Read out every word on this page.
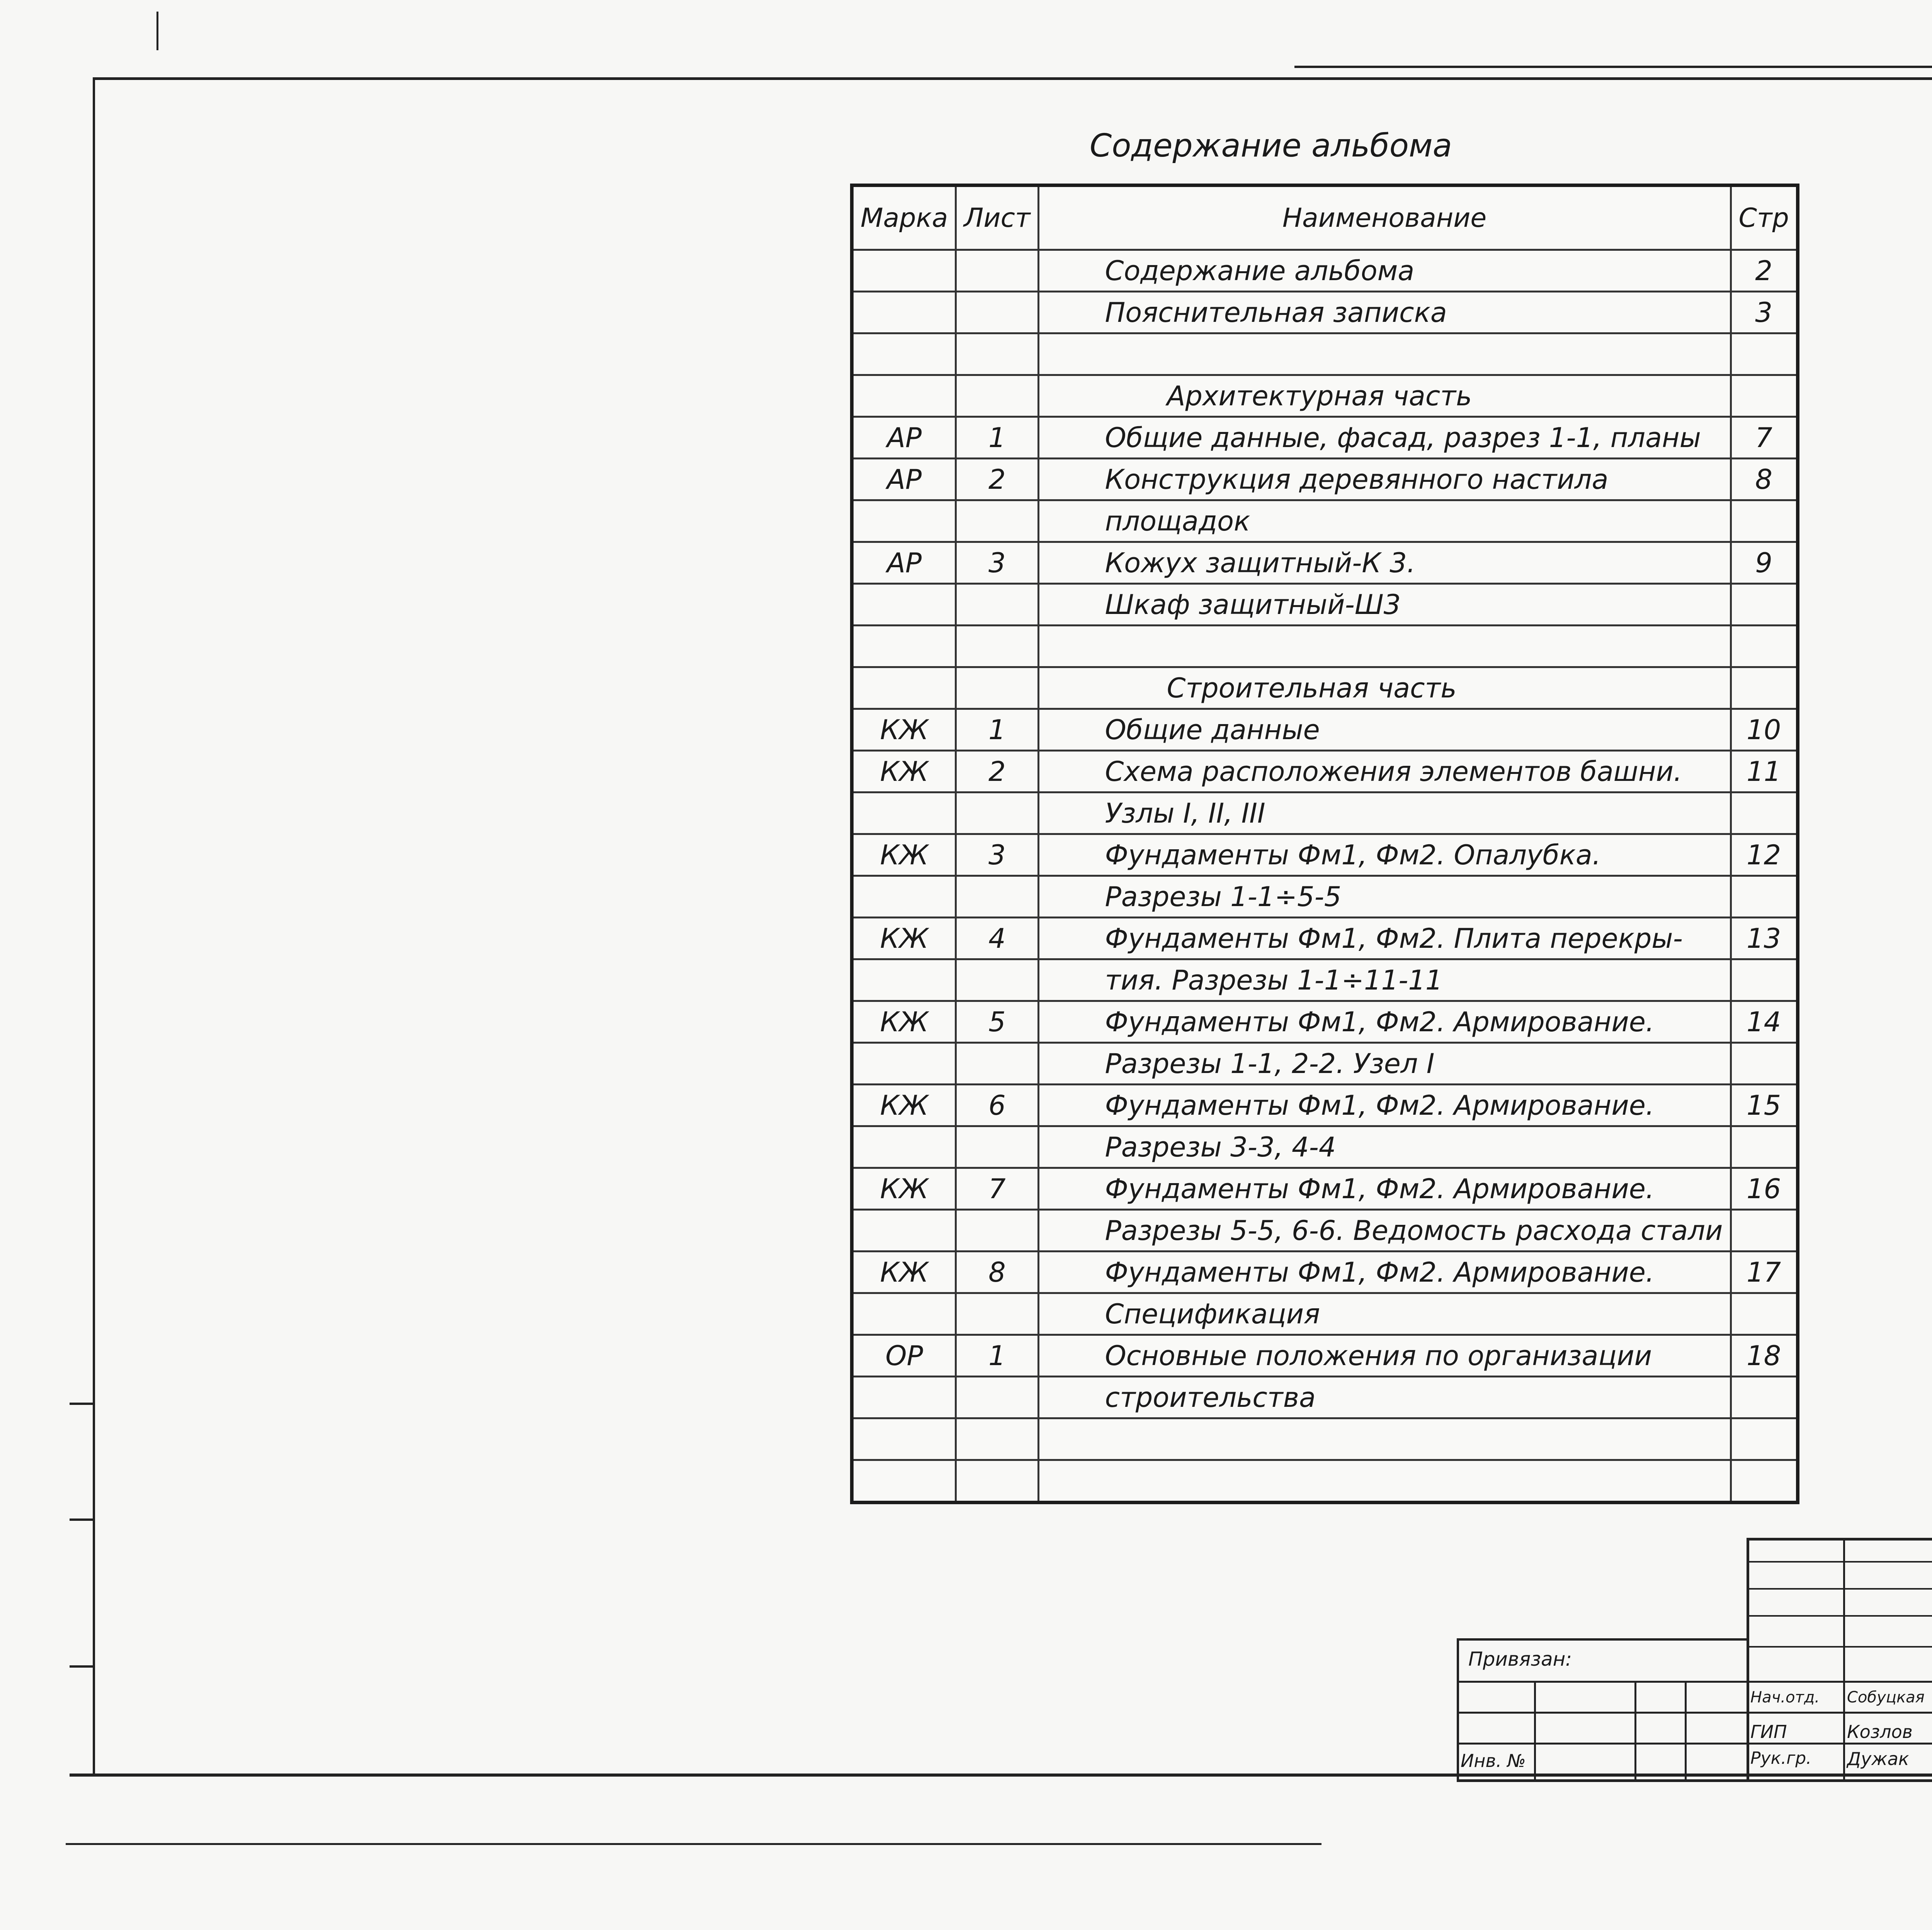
Содержание альбома
Марка	Лист	Наименование	Стр
		Содержание альбома	2
		Пояснительная записка	3

		Архитектурная часть	
АР	1	Общие данные, фасад, разрез 1-1, планы	7
АР	2	Конструкция деревянного настила	8
		площадок	
АР	3	Кожух защитный-К 3.	9
		Шкаф защитный-Ш3	

		Строительная часть	
КЖ	1	Общие данные	10
КЖ	2	Схема расположения элементов башни.	11
		Узлы I, II, III	
КЖ	3	Фундаменты Фм1, Фм2. Опалубка.	12
		Разрезы 1-1÷5-5	
КЖ	4	Фундаменты Фм1, Фм2. Плита перекры-	13
		тия. Разрезы 1-1÷11-11	
КЖ	5	Фундаменты Фм1, Фм2. Армирование.	14
		Разрезы 1-1, 2-2. Узел I	
КЖ	6	Фундаменты Фм1, Фм2. Армирование.	15
		Разрезы 3-3, 4-4	
КЖ	7	Фундаменты Фм1, Фм2. Армирование.	16
		Разрезы 5-5, 6-6. Ведомость расхода стали	
КЖ	8	Фундаменты Фм1, Фм2. Армирование.	17
		Спецификация	
ОР	1	Основные положения по организации	18
		строительства	

Привязан:
Инв. №
Нач.отд. Собуцкая
ГИП	Козлов
Рук.гр. Дужак
